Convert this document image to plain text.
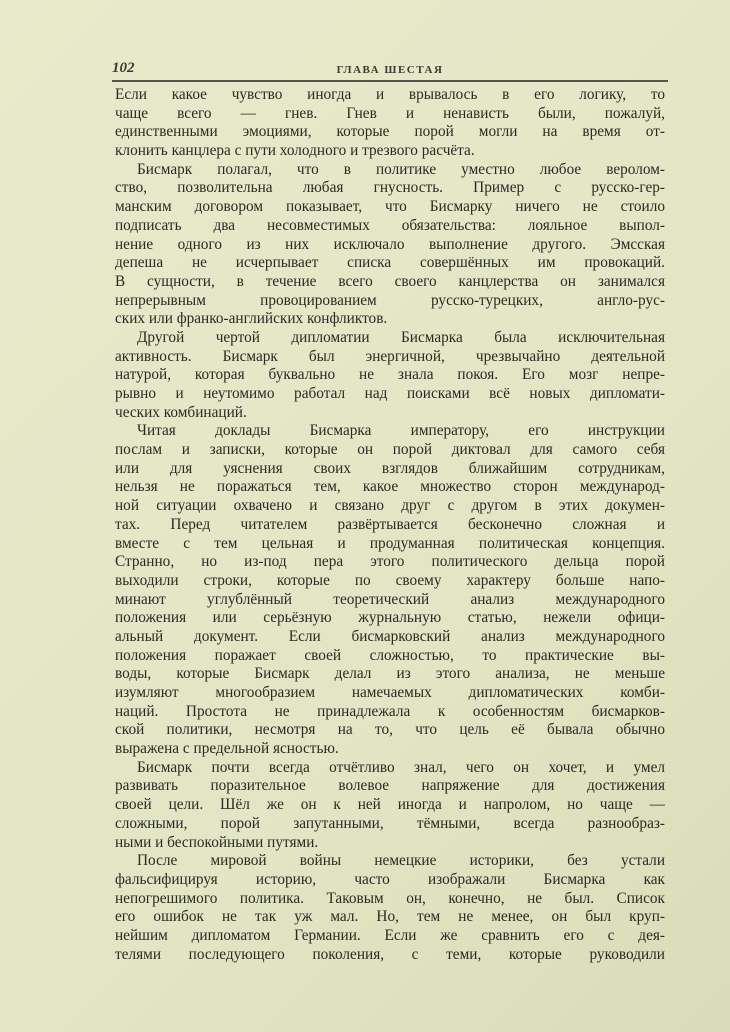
102	ГЛАВА ШЕСТАЯ
Если какое чувство иногда и врывалось в его логику, то
чаще всего — гнев. Гнев и ненависть были, пожалуй,
единственными эмоциями, которые порой могли на время от-
клонить канцлера с пути холодного и трезвого расчёта.
Бисмарк полагал, что в политике уместно любое веролом-
ство, позволительна любая гнусность. Пример с русско-гер-
манским договором показывает, что Бисмарку ничего не стоило
подписать два несовместимых обязательства: лояльное выпол-
нение одного из них исключало выполнение другого. Эмсская
депеша не исчерпывает списка совершённых им провокаций.
В сущности, в течение всего своего канцлерства он занимался
непрерывным провоцированием русско-турецких, англо-рус-
ских или франко-английских конфликтов.
Другой чертой дипломатии Бисмарка была исключительная
активность. Бисмарк был энергичной, чрезвычайно деятельной
натурой, которая буквально не знала покоя. Его мозг непре-
рывно и неутомимо работал над поисками всё новых дипломати-
ческих комбинаций.
Читая доклады Бисмарка императору, его инструкции
послам и записки, которые он порой диктовал для самого себя
или для уяснения своих взглядов ближайшим сотрудникам,
нельзя не поражаться тем, какое множество сторон международ-
ной ситуации охвачено и связано друг с другом в этих докумен-
тах. Перед читателем развёртывается бесконечно сложная и
вместе с тем цельная и продуманная политическая концепция.
Странно, но из-под пера этого политического дельца порой
выходили строки, которые по своему характеру больше напо-
минают углублённый теоретический анализ международного
положения или серьёзную журнальную статью, нежели офици-
альный документ. Если бисмарковский анализ международного
положения поражает своей сложностью, то практические вы-
воды, которые Бисмарк делал из этого анализа, не меньше
изумляют многообразием намечаемых дипломатических комби-
наций. Простота не принадлежала к особенностям бисмарков-
ской политики, несмотря на то, что цель её бывала обычно
выражена с предельной ясностью.
Бисмарк почти всегда отчётливо знал, чего он хочет, и умел
развивать поразительное волевое напряжение для достижения
своей цели. Шёл же он к ней иногда и напролом, но чаще —
сложными, порой запутанными, тёмными, всегда разнообраз-
ными и беспокойными путями.
После мировой войны немецкие историки, без устали
фальсифицируя историю, часто изображали Бисмарка как
непогрешимого политика. Таковым он, конечно, не был. Список
его ошибок не так уж мал. Но, тем не менее, он был круп-
нейшим дипломатом Германии. Если же сравнить его с дея-
телями последующего поколения, с теми, которые руководили
